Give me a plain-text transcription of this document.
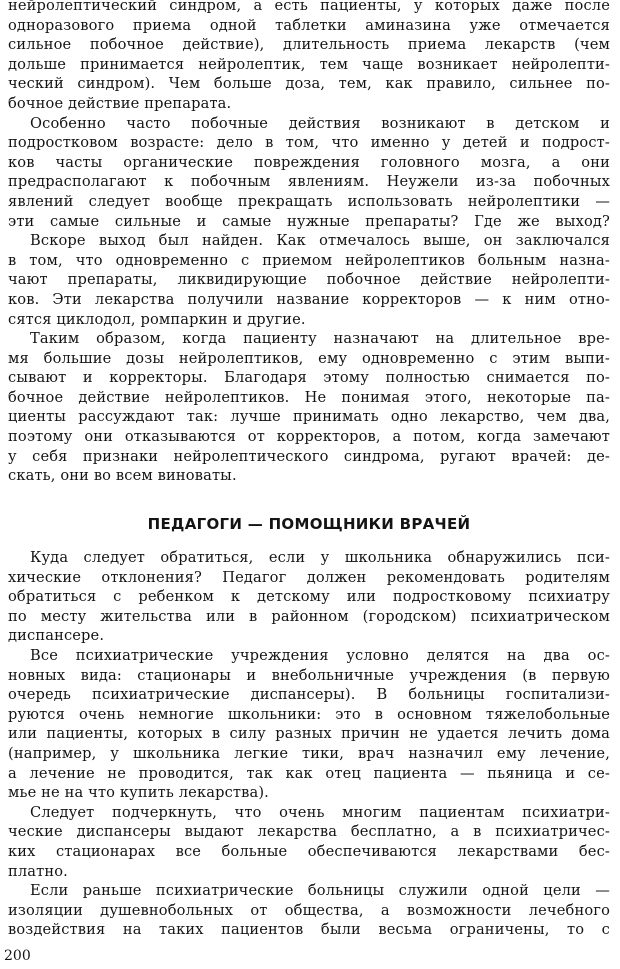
нейролептический синдром, а есть пациенты, у которых даже после
одноразового приема одной таблетки аминазина уже отмечается
сильное побочное действие), длительность приема лекарств (чем
дольше принимается нейролептик, тем чаще возникает нейролепти-
ческий синдром). Чем больше доза, тем, как правило, сильнее по-
бочное действие препарата.
Особенно часто побочные действия возникают в детском и
подростковом возрасте: дело в том, что именно у детей и подрост-
ков часты органические повреждения головного мозга, а они
предрасполагают к побочным явлениям. Неужели из-за побочных
явлений следует вообще прекращать использовать нейролептики —
эти самые сильные и самые нужные препараты? Где же выход?
Вскоре выход был найден. Как отмечалось выше, он заключался
в том, что одновременно с приемом нейролептиков больным назна-
чают препараты, ликвидирующие побочное действие нейролепти-
ков. Эти лекарства получили название корректоров — к ним отно-
сятся циклодол, ромпаркин и другие.
Таким образом, когда пациенту назначают на длительное вре-
мя большие дозы нейролептиков, ему одновременно с этим выпи-
сывают и корректоры. Благодаря этому полностью снимается по-
бочное действие нейролептиков. Не понимая этого, некоторые па-
циенты рассуждают так: лучше принимать одно лекарство, чем два,
поэтому они отказываются от корректоров, а потом, когда замечают
у себя признаки нейролептического синдрома, ругают врачей: де-
скать, они во всем виноваты.
ПЕДАГОГИ — ПОМОЩНИКИ ВРАЧЕЙ
Куда следует обратиться, если у школьника обнаружились пси-
хические отклонения? Педагог должен рекомендовать родителям
обратиться с ребенком к детскому или подростковому психиатру
по месту жительства или в районном (городском) психиатрическом
диспансере.
Все психиатрические учреждения условно делятся на два ос-
новных вида: стационары и внебольничные учреждения (в первую
очередь психиатрические диспансеры). В больницы госпитализи-
руются очень немногие школьники: это в основном тяжелобольные
или пациенты, которых в силу разных причин не удается лечить дома
(например, у школьника легкие тики, врач назначил ему лечение,
а лечение не проводится, так как отец пациента — пьяница и се-
мье не на что купить лекарства).
Следует подчеркнуть, что очень многим пациентам психиатри-
ческие диспансеры выдают лекарства бесплатно, а в психиатричес-
ких стационарах все больные обеспечиваются лекарствами бес-
платно.
Если раньше психиатрические больницы служили одной цели —
изоляции душевнобольных от общества, а возможности лечебного
воздействия на таких пациентов были весьма ограничены, то с
200
